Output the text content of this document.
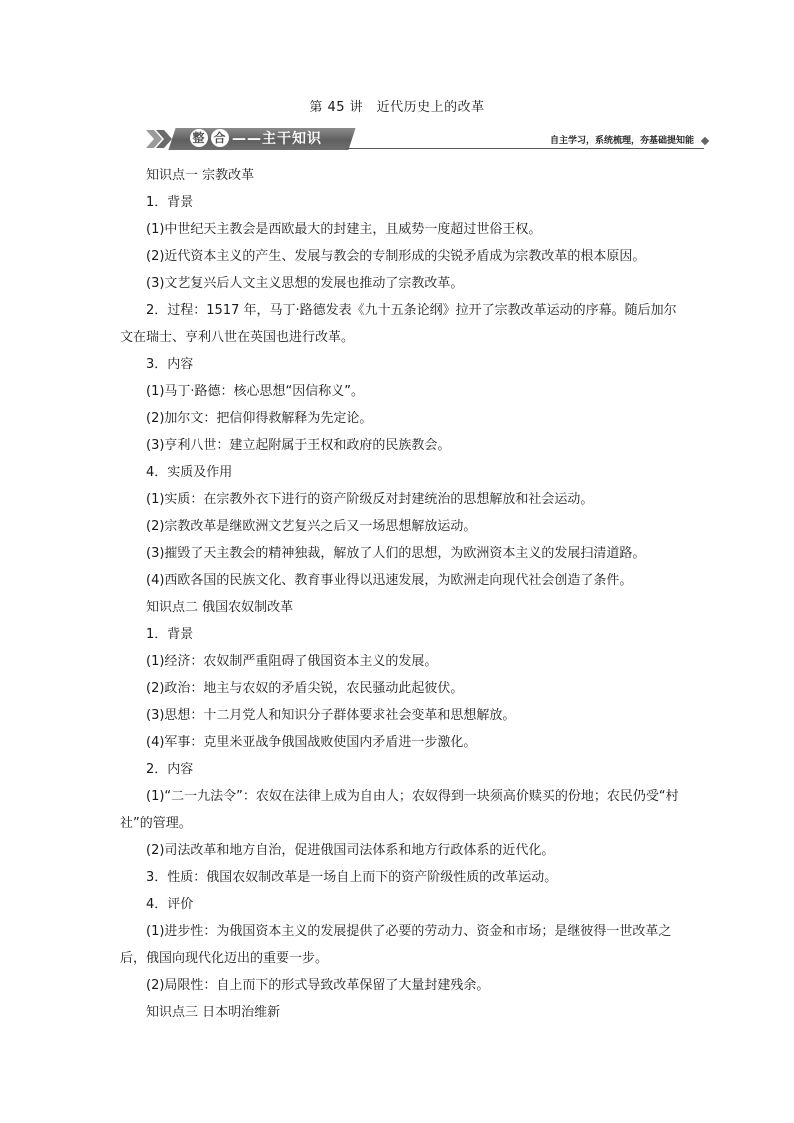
第 45 讲　近代历史上的改革
整 合 ——主干知识	自主学习，系统梳理，夯基础提知能
知识点一 宗教改革
1．背景
(1)中世纪天主教会是西欧最大的封建主，且威势一度超过世俗王权。
(2)近代资本主义的产生、发展与教会的专制形成的尖锐矛盾成为宗教改革的根本原因。
(3)文艺复兴后人文主义思想的发展也推动了宗教改革。
2．过程：1517 年，马丁·路德发表《九十五条论纲》拉开了宗教改革运动的序幕。随后加尔文在瑞士、亨利八世在英国也进行改革。
3．内容
(1)马丁·路德：核心思想“因信称义”。
(2)加尔文：把信仰得救解释为先定论。
(3)亨利八世：建立起附属于王权和政府的民族教会。
4．实质及作用
(1)实质：在宗教外衣下进行的资产阶级反对封建统治的思想解放和社会运动。
(2)宗教改革是继欧洲文艺复兴之后又一场思想解放运动。
(3)摧毁了天主教会的精神独裁，解放了人们的思想，为欧洲资本主义的发展扫清道路。
(4)西欧各国的民族文化、教育事业得以迅速发展，为欧洲走向现代社会创造了条件。
知识点二 俄国农奴制改革
1．背景
(1)经济：农奴制严重阻碍了俄国资本主义的发展。
(2)政治：地主与农奴的矛盾尖锐，农民骚动此起彼伏。
(3)思想：十二月党人和知识分子群体要求社会变革和思想解放。
(4)军事：克里米亚战争俄国战败使国内矛盾进一步激化。
2．内容
(1)“二一九法令”：农奴在法律上成为自由人；农奴得到一块须高价赎买的份地；农民仍受“村社”的管理。
(2)司法改革和地方自治，促进俄国司法体系和地方行政体系的近代化。
3．性质：俄国农奴制改革是一场自上而下的资产阶级性质的改革运动。
4．评价
(1)进步性：为俄国资本主义的发展提供了必要的劳动力、资金和市场；是继彼得一世改革之后，俄国向现代化迈出的重要一步。
(2)局限性：自上而下的形式导致改革保留了大量封建残余。
知识点三 日本明治维新
